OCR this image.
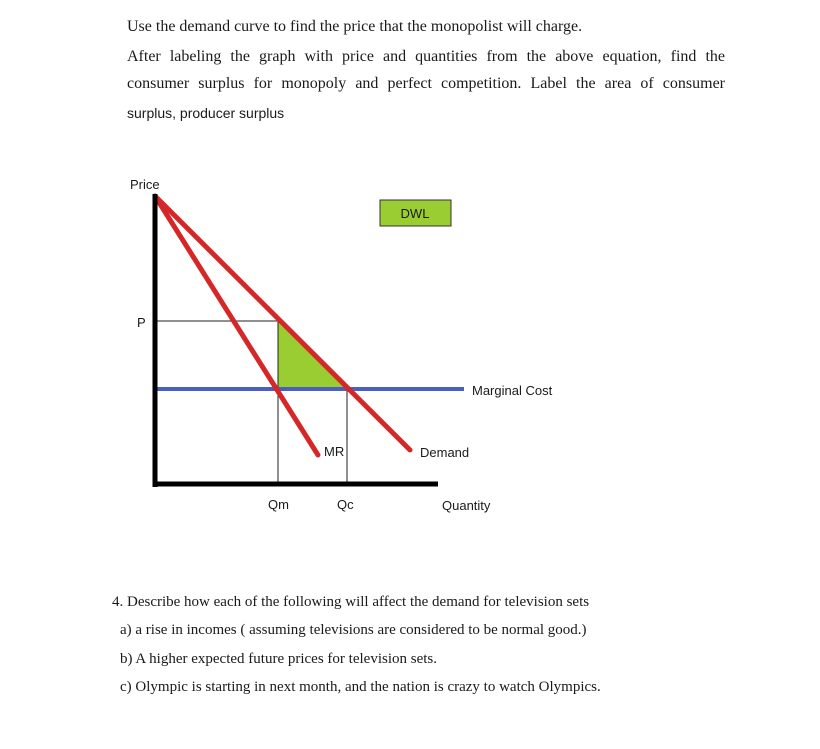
Use the demand curve to find the price that the monopolist will charge.
After labeling the graph with price and quantities from the above equation, find the
consumer surplus for monopoly and perfect competition. Label the area of consumer
surplus, producer surplus
DWL
Price
P
Marginal Cost
MR	Demand
Qm	Qc	Quantity
4. Describe how each of the following will affect the demand for television sets
a) a rise in incomes ( assuming televisions are considered to be normal good.)
b) A higher expected future prices for television sets.
c) Olympic is starting in next month, and the nation is crazy to watch Olympics.
